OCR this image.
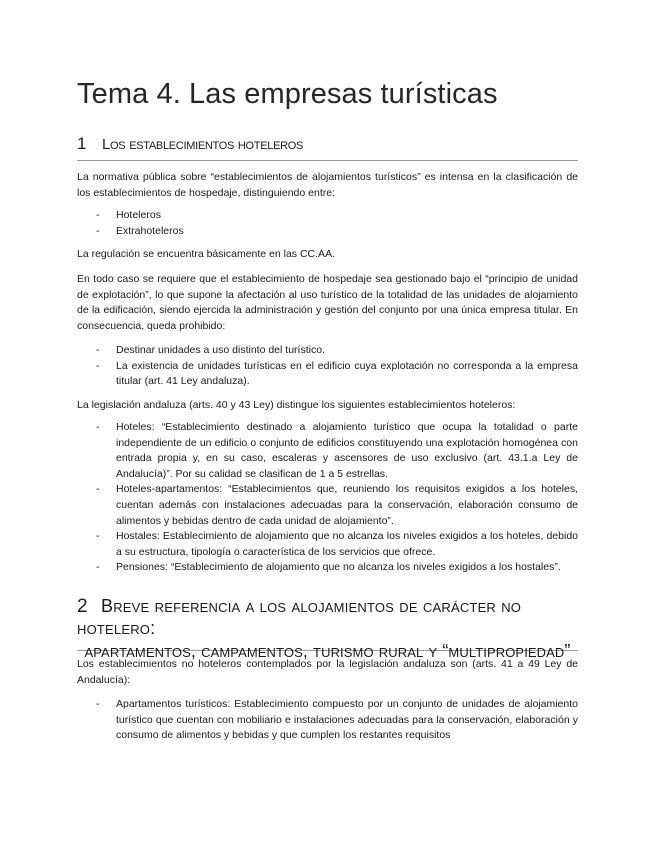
Tema 4. Las empresas turísticas
1 Los establecimientos hoteleros

La normativa pública sobre “establecimientos de alojamientos turísticos” es intensa en la clasificación de los establecimientos de hospedaje, distinguiendo entre:

- Hoteleros
- Extrahoteleros

La regulación se encuentra básicamente en las CC.AA.

En todo caso se requiere que el establecimiento de hospedaje sea gestionado bajo el “principio de unidad de explotación”, lo que supone la afectación al uso turístico de la totalidad de las unidades de alojamiento de la edificación, siendo ejercida la administración y gestión del conjunto por una única empresa titular. En consecuencia, queda prohibido:

- Destinar unidades a uso distinto del turístico.
- La existencia de unidades turísticas en el edificio cuya explotación no corresponda a la empresa titular (art. 41 Ley andaluza).

La legislación andaluza (arts. 40 y 43 Ley) distingue los siguientes establecimientos hoteleros:

- Hoteles: “Establecimiento destinado a alojamiento turístico que ocupa la totalidad o parte independiente de un edificio o conjunto de edificios constituyendo una explotación homogénea con entrada propia y, en su caso, escaleras y ascensores de uso exclusivo (art. 43.1.a Ley de Andalucía)”. Por su calidad se clasifican de 1 a 5 estrellas.
- Hoteles-apartamentos: “Establecimientos que, reuniendo los requisitos exigidos a los hoteles, cuentan además con instalaciones adecuadas para la conservación, elaboración consumo de alimentos y bebidas dentro de cada unidad de alojamiento”.
- Hostales: Establecimiento de alojamiento que no alcanza los niveles exigidos a los hoteles, debido a su estructura, tipología o característica de los servicios que ofrece.
- Pensiones: “Establecimiento de alojamiento que no alcanza los niveles exigidos a los hostales”.
2 Breve referencia a los alojamientos de carácter no hotelero:
apartamentos, campamentos, turismo rural y “multipropiedad”

Los establecimientos no hoteleros contemplados por la legislación andaluza son (arts. 41 a 49 Ley de Andalucía):

- Apartamentos turísticos: Establecimiento compuesto por un conjunto de unidades de alojamiento turístico que cuentan con mobiliario e instalaciones adecuadas para la conservación, elaboración y consumo de alimentos y bebidas y que cumplen los restantes requisitos
